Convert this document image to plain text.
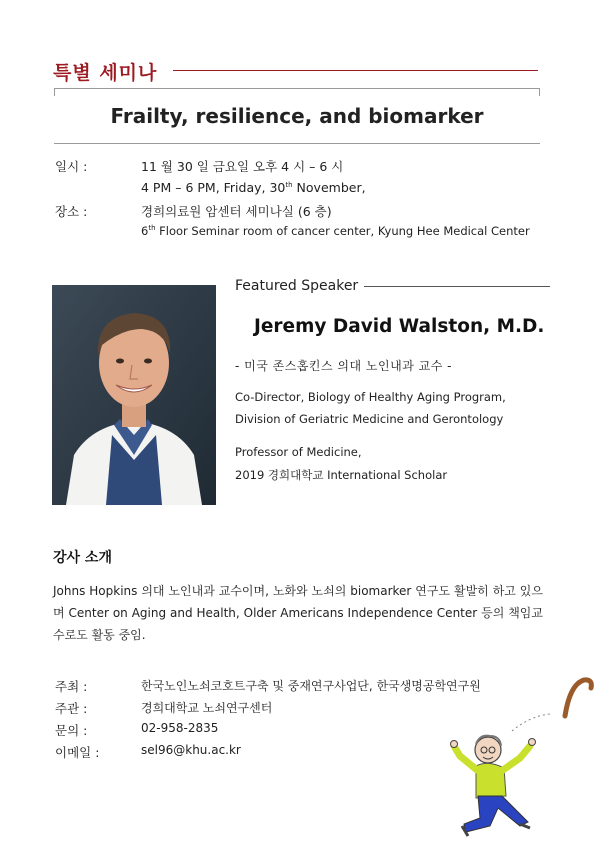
특별 세미나
Frailty, resilience, and biomarker
일시 :	11 월 30 일 금요일 오후 4 시 – 6 시
4 PM – 6 PM, Friday, 30th November,
장소 :	경희의료원 암센터 세미나실 (6 층)
6th Floor Seminar room of cancer center, Kyung Hee Medical Center
Featured Speaker
Jeremy David Walston, M.D.
- 미국 존스홉킨스 의대 노인내과 교수 -
Co-Director, Biology of Healthy Aging Program,
Division of Geriatric Medicine and Gerontology
Professor of Medicine,
2019 경희대학교 International Scholar
강사 소개
Johns Hopkins 의대 노인내과 교수이며, 노화와 노쇠의 biomarker 연구도 활발히 하고 있으며 Center on Aging and Health, Older Americans Independence Center 등의 책임교수로도 활동 중임.
주최 :	한국노인노쇠코호트구축 및 중재연구사업단, 한국생명공학연구원
주관 :	경희대학교 노쇠연구센터
문의 :	02-958-2835
이메일 :	sel96@khu.ac.kr
